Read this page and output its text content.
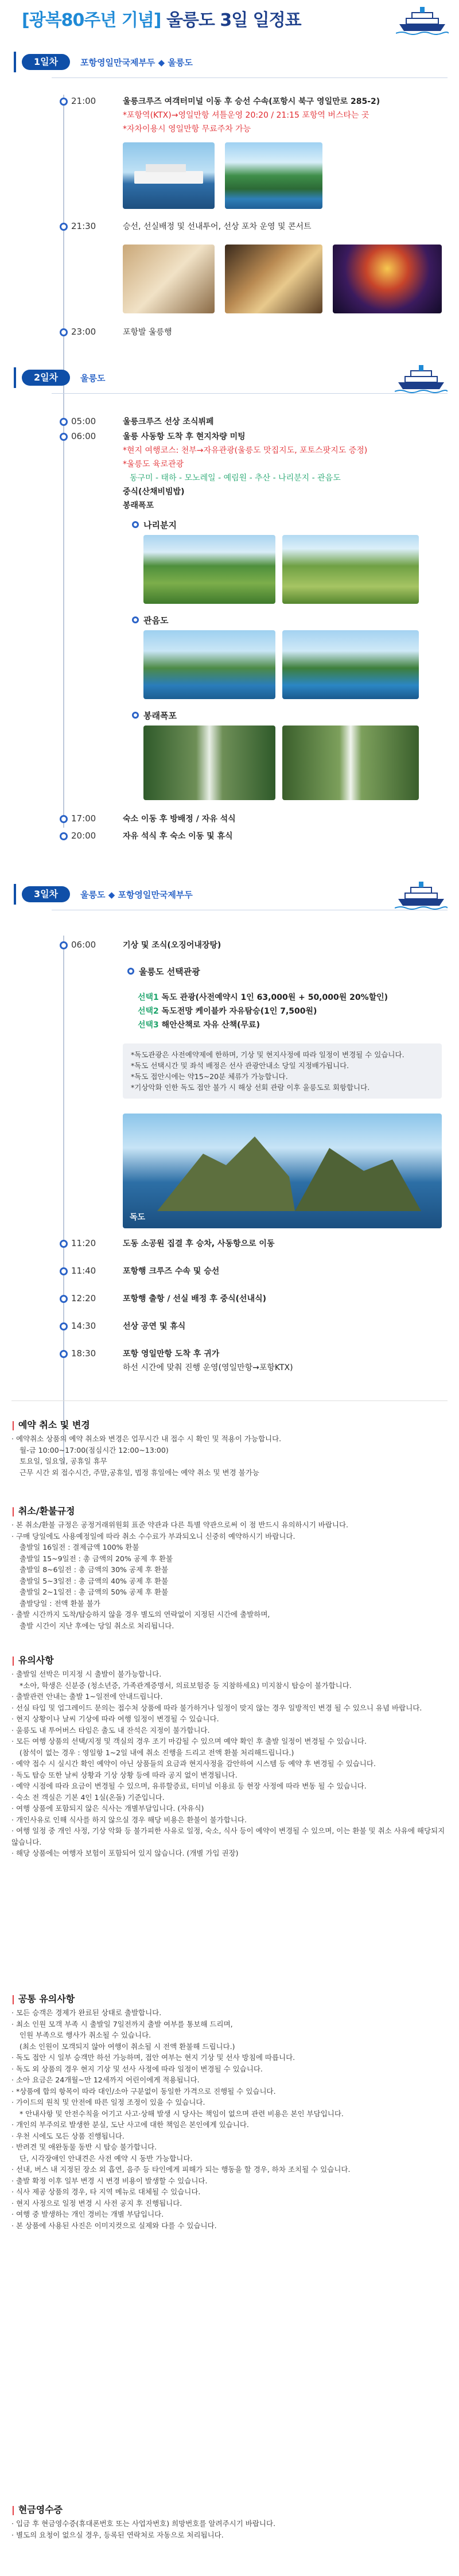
[광복80주년 기념] 울릉도 3일 일정표
1일차	포항영일만국제부두 ◆ 울릉도
21:00	울릉크루즈 여객터미널 이동 후 승선 수속(포항시 북구 영일만로 285-2)
*포항역(KTX)→영일만항 셔틀운영 20:20 / 21:15 포항역 버스타는 곳
*자차이용시 영일만항 무료주차 가능
21:30	승선, 선실배정 및 선내투어, 선상 포차 운영 및 콘서트
23:00	포항발 울릉행
2일차	울릉도
05:00	울릉크루즈 선상 조식뷔페
06:00	울릉 사동항 도착 후 현지차량 미팅
*현지 여행코스: 천부→자유관광(울릉도 맛집지도, 포토스팟지도 증정)
*울릉도 육로관광
동구미 - 태하 - 모노레일 - 예림원 - 추산 - 나리분지 - 관음도
중식(산채비빔밥)
봉래폭포
나리분지
관음도
봉래폭포
17:00	숙소 이동 후 방배정 / 자유 석식
20:00	자유 석식 후 숙소 이동 및 휴식
3일차	울릉도 ◆ 포항영일만국제부두
06:00	기상 및 조식(오징어내장탕)
울릉도 선택관광
선택1 독도 관광(사전예약시 1인 63,000원 + 50,000원 20%할인)
선택2 독도전망 케이블카 자유탐승(1인 7,500원)
선택3 해안산책로 자유 산책(무료)
*독도관광은 사전예약제에 한하며, 기상 및 현지사정에 따라 일정이 변경될 수 있습니다.
*독도 선택시간 및 좌석 배정은 선사 관광안내소 당일 지정배가됩니다.
*독도 접안시에는 약15~20분 체류가 가능합니다.
*기상악화 인한 독도 접안 불가 시 해상 선회 관람 이후 울릉도로 회항합니다.
독도
11:20	도동 소공원 집결 후 승차, 사동항으로 이동
11:40	포항행 크루즈 수속 및 승선
12:20	포항행 출항 / 선실 배정 후 중식(선내식)
14:30	선상 공연 및 휴식
18:30	포항 영일만항 도착 후 귀가
하선 시간에 맞춰 진행 운영(영일만항→포항KTX)
| 예약 취소 및 변경

· 예약취소 상품의 예약 취소와 변경은 업무시간 내 접수 시 확인 및 적용이 가능합니다.

월-금 10:00~17:00(점심시간 12:00~13:00)

토요일, 일요일, 공휴일 휴무

근무 시간 외 접수시간, 주말,공휴일, 법정 휴일에는 예약 취소 및 변경 불가능

| 취소/환불규정

· 본 취소/환불 규정은 공정거래위원회 표준 약관과 다른 특별 약관으로써 이 점 반드시 유의하시기 바랍니다.

· 구매 당일에도 사용예정일에 따라 취소 수수료가 부과되오니 신중히 예약하시기 바랍니다.

출발일 16일전 : 결제금액 100% 환불

출발일 15~9일전 : 총 금액의 20% 공제 후 환불

출발일 8~6일전 : 총 금액의 30% 공제 후 환불

출발일 5~3일전 : 총 금액의 40% 공제 후 환불

출발일 2~1일전 : 총 금액의 50% 공제 후 환불

출발당일 : 전액 환불 불가

· 출발 시간까지 도착/탑승하지 않을 경우 별도의 연락없이 지정된 시간에 출발하며,

출발 시간이 지난 후에는 당일 취소로 처리됩니다.

| 유의사항

· 출발일 선박은 미지정 시 출발이 불가능합니다.

*소아, 학생은 신분증 (청소년증, 가족관계증명서, 의료보험증 등 지참하세요) 미지참시 탑승이 불가합니다.

· 출발관련 안내는 출발 1~일전에 안내드립니다.

· 선실 타입 및 업그레이드 문의는 접수처 상품에 따라 불가하거나 일정이 맞지 않는 경우 일방적인 변경 될 수 있으니 유념 바랍니다.

· 현지 상황이나 날씨 기상에 따라 여행 일정이 변경될 수 있습니다.

· 울릉도 내 투어버스 타임은 출도 내 잔석은 지정이 불가합니다.

· 모든 여행 상품의 선택/지정 및 객실의 경우 조기 마감될 수 있으며 예약 확인 후 출발 일정이 변경될 수 있습니다.

(참석이 없는 경우 : 영일항 1~2일 내에 취소 진행을 드리고 전액 환불 처리해드립니다.)

· 예약 접수 시 실시간 확인 예약이 아닌 상품들의 요금과 현지사정을 감안하여 시스템 등 예약 후 변경될 수 있습니다.

· 독도 탑승 또한 날씨 상황과 기상 상황 등에 따라 공지 없이 변경됩니다.

· 예약 시점에 따라 요금이 변경될 수 있으며, 유류할증료, 터미널 이용료 등 현장 사정에 따라 변동 될 수 있습니다.

· 숙소 전 객실은 기본 4인 1실(온돌) 기준입니다.

· 여행 상품에 포함되지 않은 식사는 개별부담입니다. (자유식)

· 개인사유로 인해 식사를 하지 않으실 경우 해당 비용은 환불이 불가합니다.

· 여행 일정 중 개인 사정, 기상 악화 등 불가피한 사유로 일정, 숙소, 식사 등이 예약이 변경될 수 있으며, 이는 환불 및 취소 사유에 해당되지 않습니다.

· 해당 상품에는 여행자 보험이 포함되어 있지 않습니다. (개별 가입 권장)

| 공통 유의사항

· 모든 승객은 경제가 완료된 상태로 출발합니다.

· 최소 인원 모객 부족 시 출발일 7일전까지 출발 여부를 통보해 드리며,

인원 부족으로 행사가 취소될 수 있습니다.

(최소 인원이 모객되지 않아 여행이 취소될 시 전액 환불해 드립니다.)

· 독도 접안 시 일부 승객만 하선 가능하며, 접안 여부는 현지 기상 및 선사 방침에 따릅니다.

· 독도 외 상품의 경우 현지 기상 및 선사 사정에 따라 일정이 변경될 수 있습니다.

· 소아 요금은 24개월~만 12세까지 어린이에게 적용됩니다.

· *상품에 합의 항목이 따라 대인/소아 구분없이 동일한 가격으로 진행될 수 있습니다.

· 가이드의 원칙 및 안전에 따른 일정 조정이 있을 수 있습니다.

* 안내사항 및 안전수칙을 어기고 사고·상해 발생 시 당사는 책임이 없으며 관련 비용은 본인 부담입니다.

· 개인의 부주의로 발생한 분실, 도난 사고에 대한 책임은 본인에게 있습니다.

· 우천 시에도 모든 상품 진행됩니다.

· 반려견 및 애완동물 동반 시 탑승 불가합니다.

단, 시각장애인 안내견은 사전 예약 시 동반 가능합니다.

· 선내, 버스 내 지정된 장소 외 흡연, 음주 등 타인에게 피해가 되는 행동을 할 경우, 하차 조치될 수 있습니다.

· 출발 확정 이후 일부 변경 시 변경 비용이 발생할 수 있습니다.

· 식사 제공 상품의 경우, 타 지역 메뉴로 대체될 수 있습니다.

· 현지 사정으로 일정 변경 시 사전 공지 후 진행됩니다.

· 여행 중 발생하는 개인 경비는 개별 부담입니다.

· 본 상품에 사용된 사진은 이미지컷으로 실제와 다를 수 있습니다.

| 현금영수증

· 입금 후 현금영수증(휴대폰번호 또는 사업자번호) 희망번호를 알려주시기 바랍니다.

· 별도의 요청이 없으실 경우, 등록된 연락처로 자동으로 처리됩니다.
